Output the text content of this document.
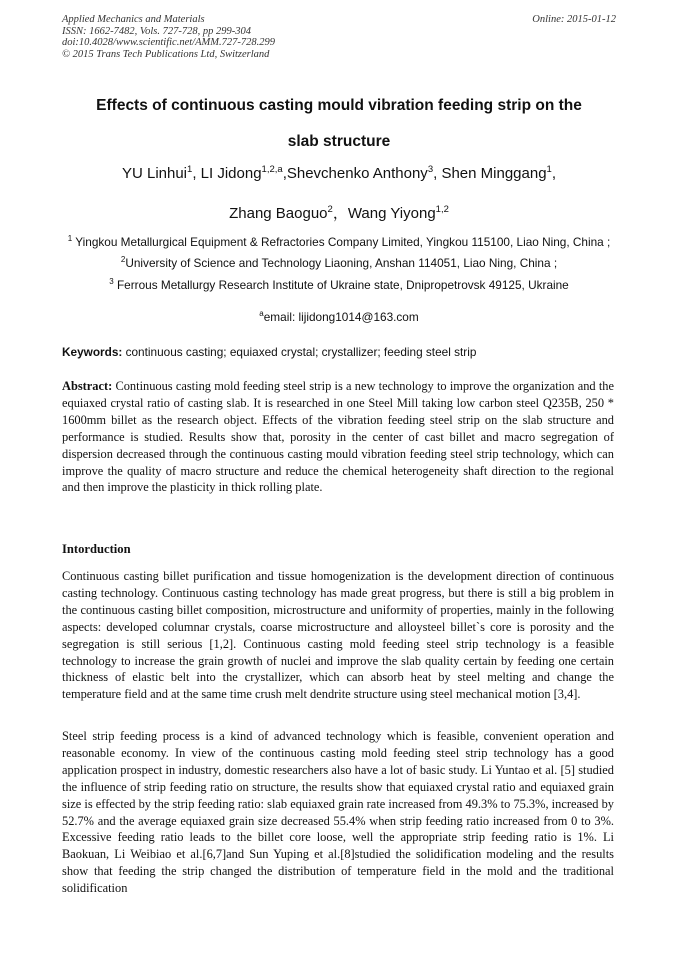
Applied Mechanics and Materials
ISSN: 1662-7482, Vols. 727-728, pp 299-304
doi:10.4028/www.scientific.net/AMM.727-728.299
© 2015 Trans Tech Publications Ltd, Switzerland
Online: 2015-01-12
Effects of continuous casting mould vibration feeding strip on the
slab structure
YU Linhui$^1$, LI Jidong$^{1,2,a}$,Shevchenko Anthony$^3$, Shen Minggang$^1$,
Zhang Baoguo$^2$，Wang Yiyong$^{1,2}$
$^1$ Yingkou Metallurgical Equipment & Refractories Company Limited, Yingkou 115100, Liao Ning, China ;
$^2$University of Science and Technology Liaoning, Anshan 114051, Liao Ning, China ;
$^3$ Ferrous Metallurgy Research Institute of Ukraine state, Dnipropetrovsk 49125, Ukraine
$^a$email: lijidong1014@163.com
Keywords: continuous casting; equiaxed crystal; crystallizer; feeding steel strip
Abstract: Continuous casting mold feeding steel strip is a new technology to improve the organization and the equiaxed crystal ratio of casting slab. It is researched in one Steel Mill taking low carbon steel Q235B, 250 * 1600mm billet as the research object. Effects of the vibration feeding steel strip on the slab structure and performance is studied. Results show that, porosity in the center of cast billet and macro segregation of dispersion decreased through the continuous casting mould vibration feeding steel strip technology, which can improve the quality of macro structure and reduce the chemical heterogeneity shaft direction to the regional and then improve the plasticity in thick rolling plate.
Intorduction
Continuous casting billet purification and tissue homogenization is the development direction of continuous casting technology. Continuous casting technology has made great progress, but there is still a big problem in the continuous casting billet composition, microstructure and uniformity of properties, mainly in the following aspects: developed columnar crystals, coarse microstructure and alloysteel billet`s core is porosity and the segregation is still serious [1,2]. Continuous casting mold feeding steel strip technology is a feasible technology to increase the grain growth of nuclei and improve the slab quality certain by feeding one certain thickness of elastic belt into the crystallizer, which can absorb heat by steel melting and change the temperature field and at the same time crush melt dendrite structure using steel mechanical motion [3,4].
Steel strip feeding process is a kind of advanced technology which is feasible, convenient operation and reasonable economy. In view of the continuous casting mold feeding steel strip technology has a good application prospect in industry, domestic researchers also have a lot of basic study. Li Yuntao et al. [5] studied the influence of strip feeding ratio on structure, the results show that equiaxed crystal ratio and equiaxed grain size is effected by the strip feeding ratio: slab equiaxed grain rate increased from 49.3% to 75.3%, increased by 52.7% and the average equiaxed grain size decreased 55.4% when strip feeding ratio increased from 0 to 3%. Excessive feeding ratio leads to the billet core loose, well the appropriate strip feeding ratio is 1%. Li Baokuan, Li Weibiao et al.[6,7]and Sun Yuping et al.[8]studied the solidification modeling and the results show that feeding the strip changed the distribution of temperature field in the mold and the traditional solidification
